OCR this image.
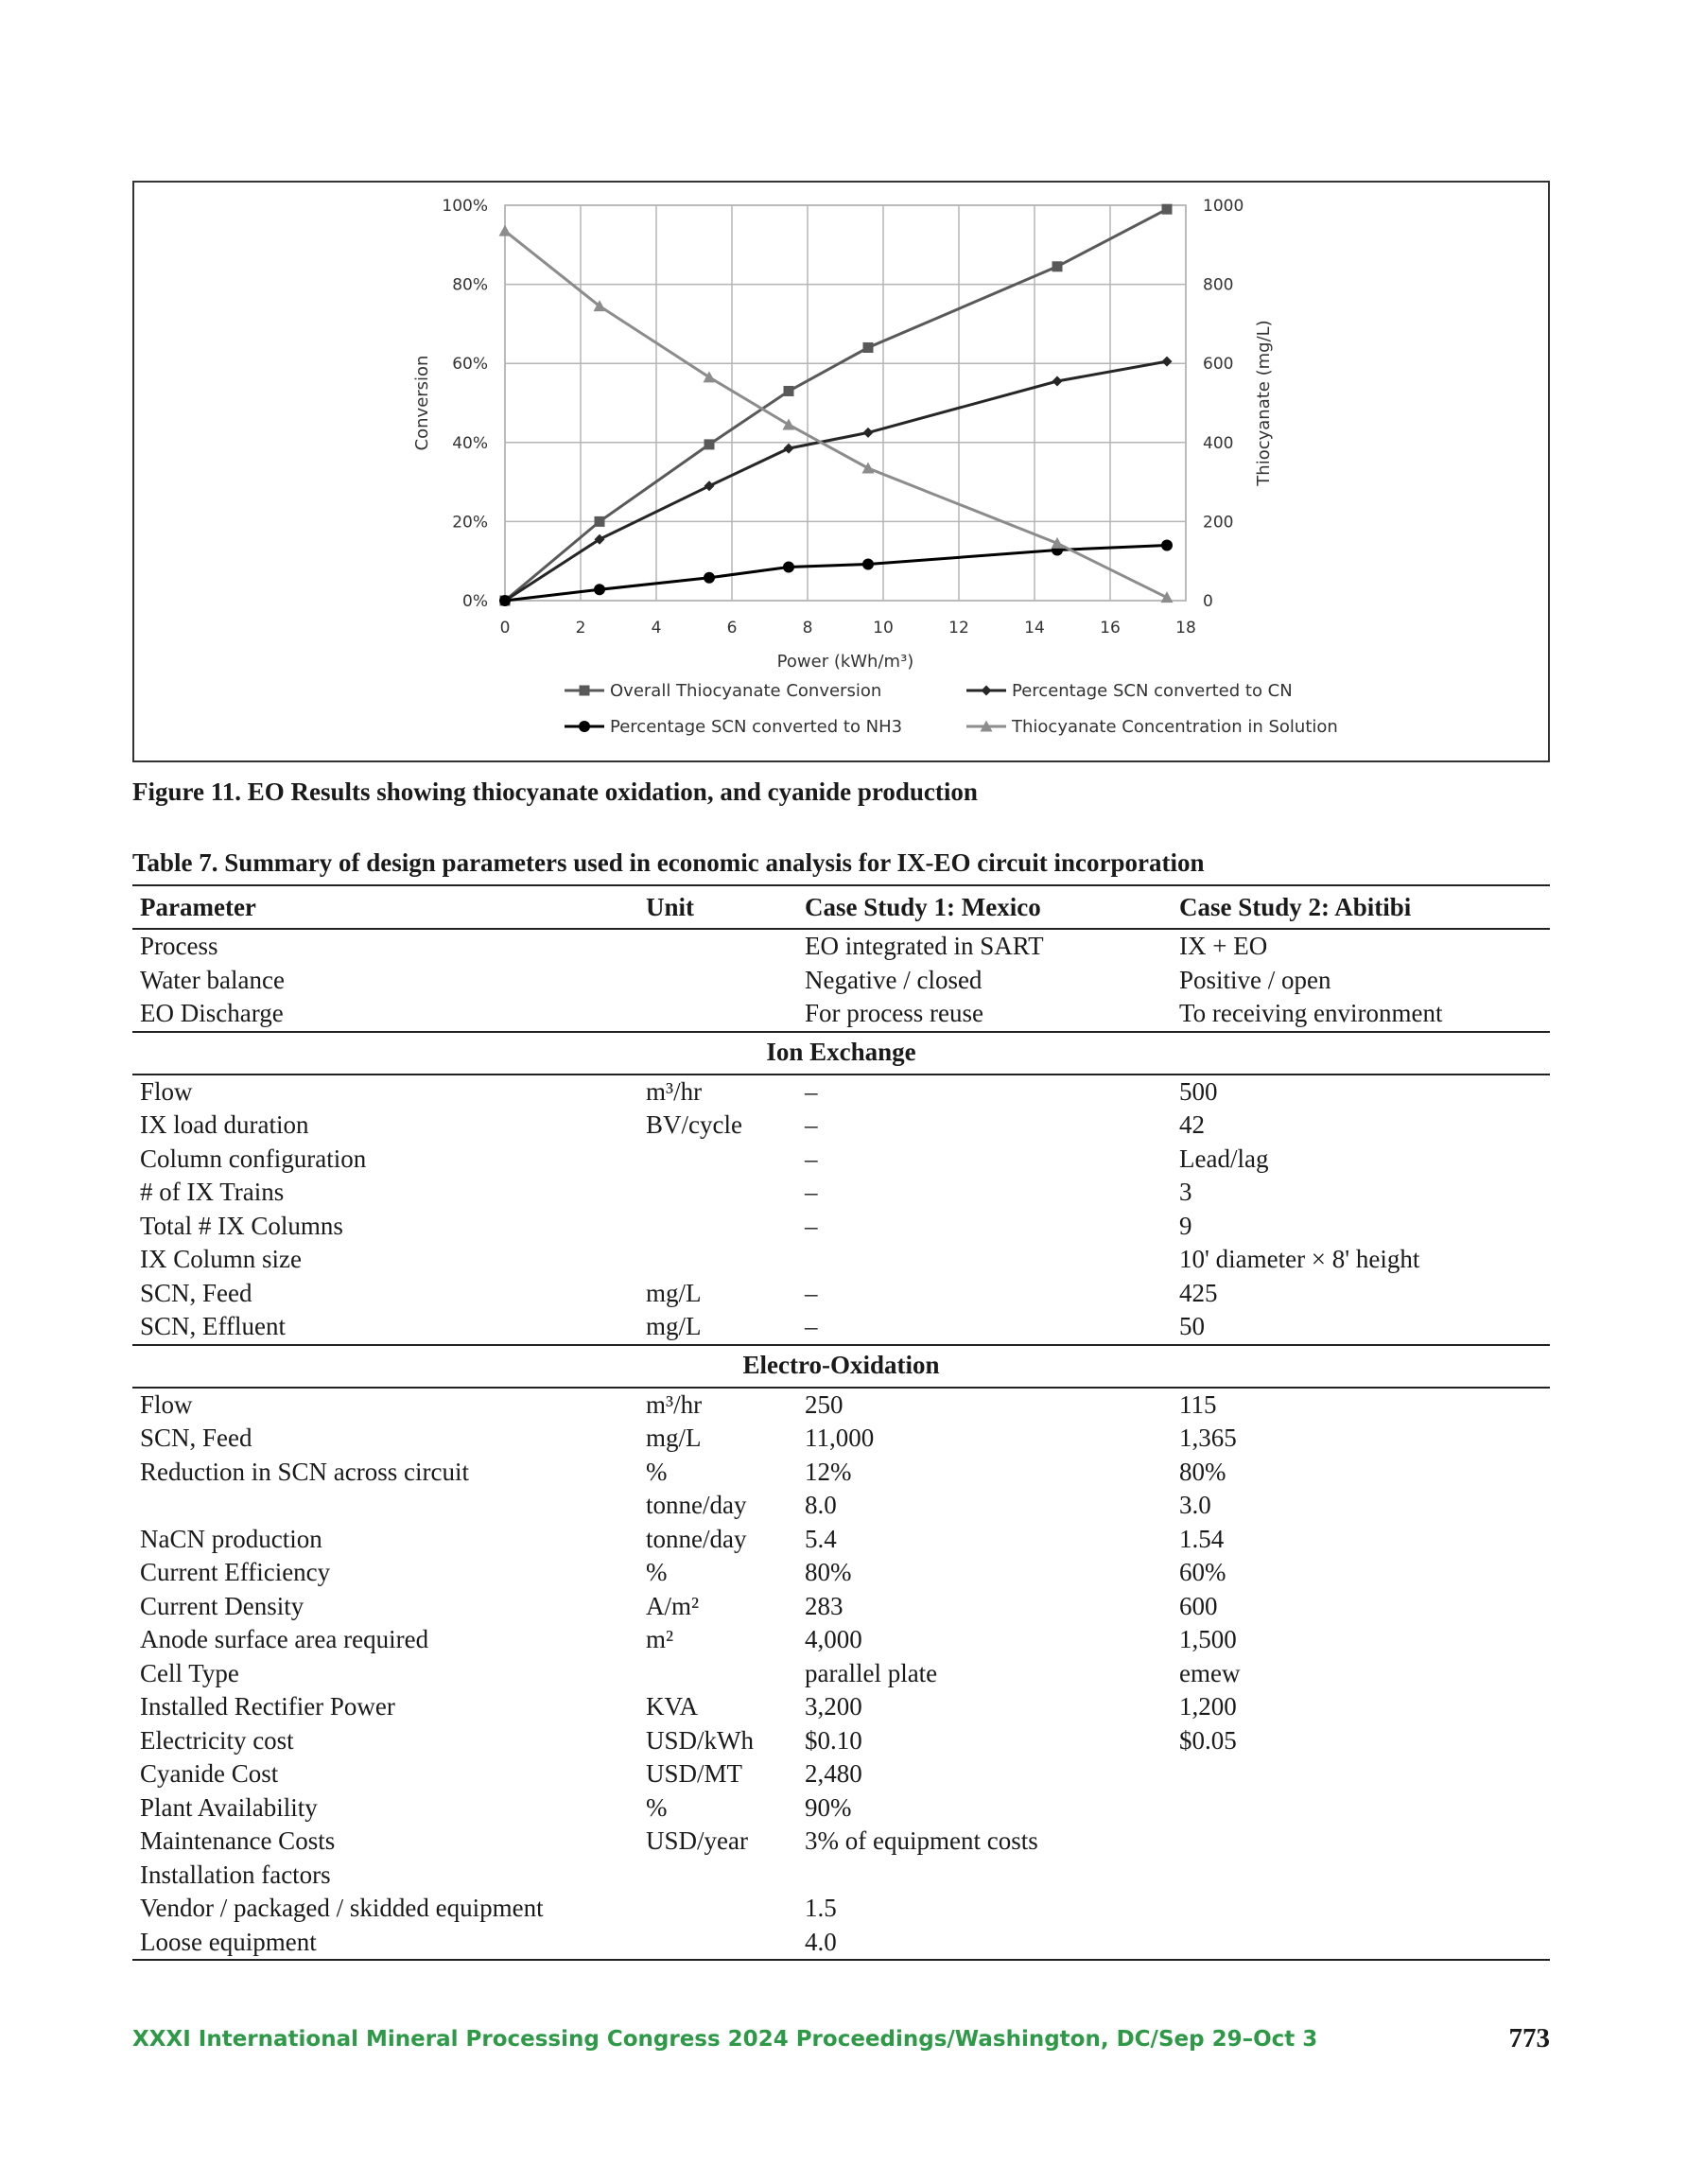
0	2	4	6	8	10	12	14	16	18
0%	0
20%	200
40%	400
60%	600
80%	800
100%	1000
Power (kWh/m³)
Conversion	Thiocyanate (mg/L)
Overall Thiocyanate Conversion	Percentage SCN converted to CN
Percentage SCN converted to NH3	Thiocyanate Concentration in Solution
Figure 11. EO Results showing thiocyanate oxidation, and cyanide production
Table 7. Summary of design parameters used in economic analysis for IX-EO circuit incorporation
Parameter	Unit	Case Study 1: Mexico	Case Study 2: Abitibi
Process		EO integrated in SART	IX + EO
Water balance		Negative / closed	Positive / open
EO Discharge		For process reuse	To receiving environment
Ion Exchange			
Flow	m³/hr	–	500
IX load duration	BV/cycle	–	42
Column configuration		–	Lead/lag
# of IX Trains		–	3
Total # IX Columns		–	9
IX Column size			10' diameter × 8' height
SCN, Feed	mg/L	–	425
SCN, Effluent	mg/L	–	50
Electro-Oxidation			
Flow	m³/hr	250	115
SCN, Feed	mg/L	11,000	1,365
Reduction in SCN across circuit	%	12%	80%
	tonne/day	8.0	3.0
NaCN production	tonne/day	5.4	1.54
Current Efficiency	%	80%	60%
Current Density	A/m²	283	600
Anode surface area required	m²	4,000	1,500
Cell Type		parallel plate	emew
Installed Rectifier Power	KVA	3,200	1,200
Electricity cost	USD/kWh	$0.10	$0.05
Cyanide Cost	USD/MT	2,480	
Plant Availability	%	90%	
Maintenance Costs	USD/year	3% of equipment costs	
Installation factors			
Vendor / packaged / skidded equipment		1.5	
Loose equipment		4.0	
XXXI International Mineral Processing Congress 2024 Proceedings/Washington, DC/Sep 29–Oct 3	773
